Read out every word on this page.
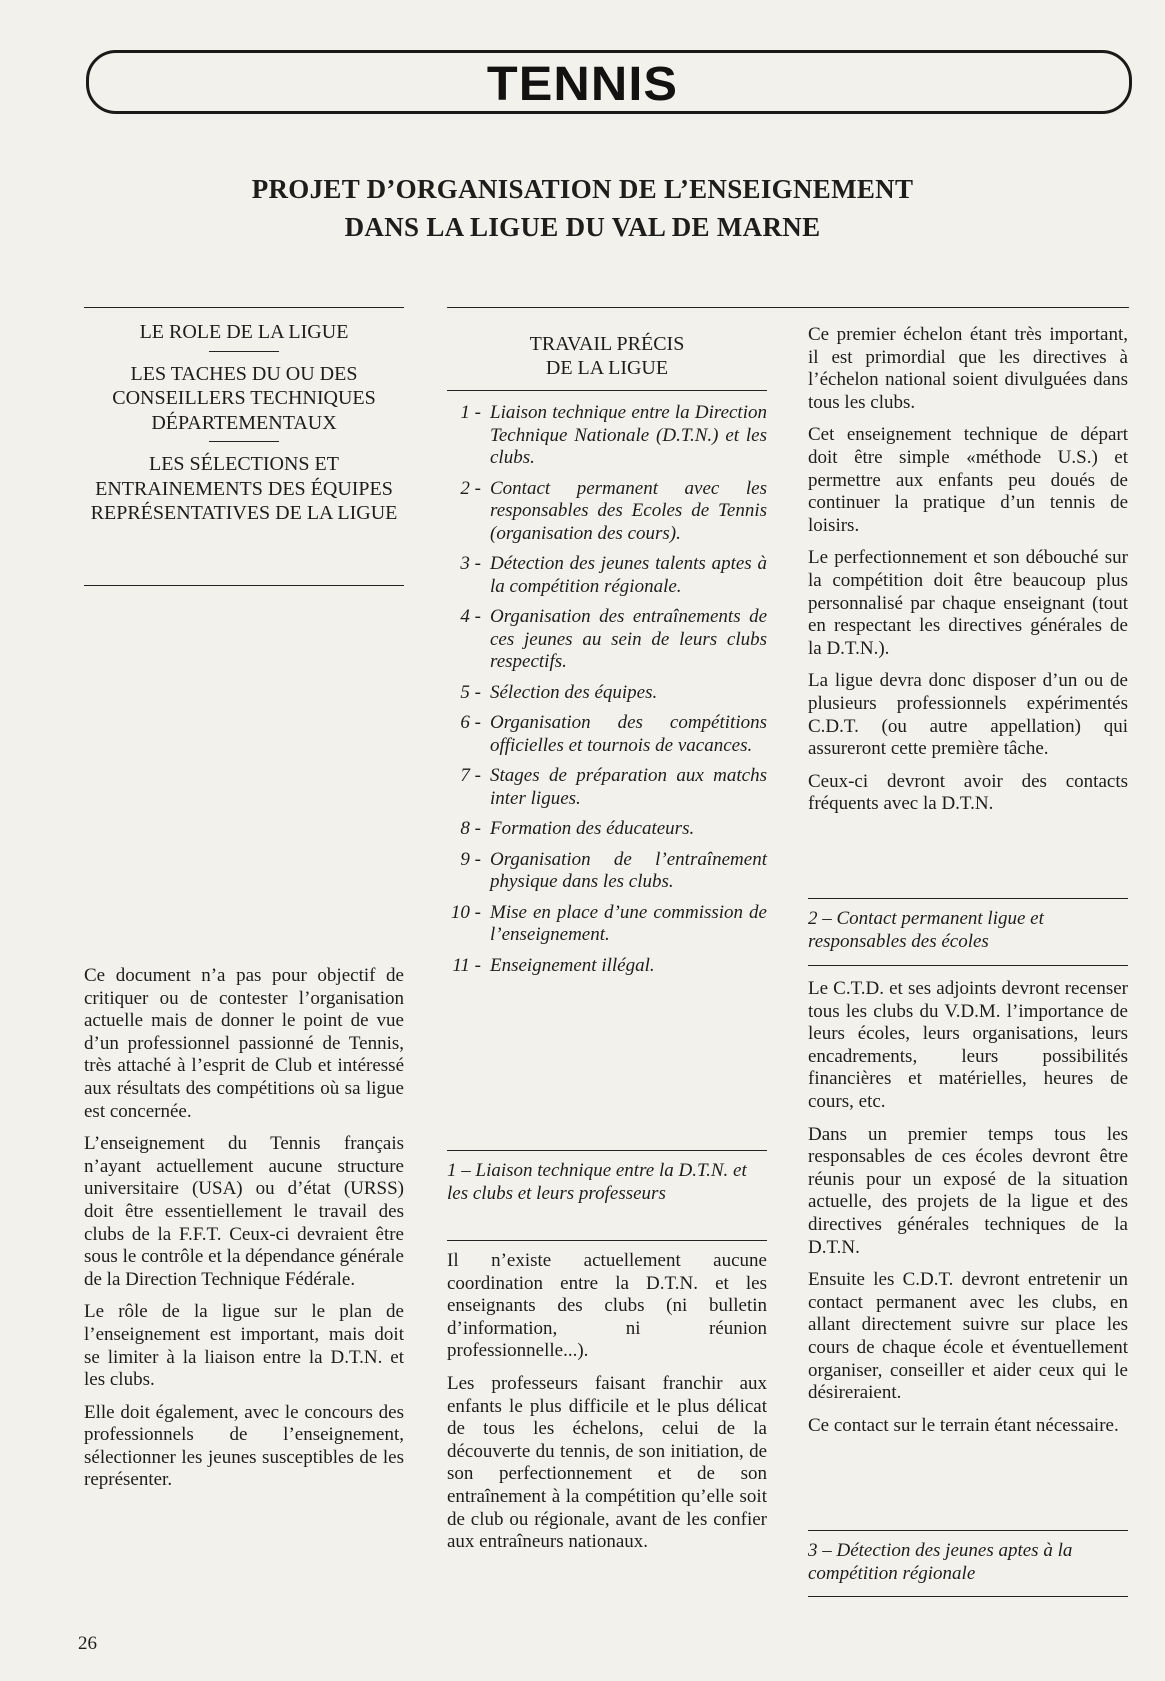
TENNIS
PROJET D’ORGANISATION DE L’ENSEIGNEMENT
DANS LA LIGUE DU VAL DE MARNE
LE ROLE DE LA LIGUE
LES TACHES DU OU DES CONSEILLERS TECHNIQUES DÉPARTEMENTAUX
LES SÉLECTIONS ET ENTRAINEMENTS DES ÉQUIPES REPRÉSENTATIVES DE LA LIGUE

Ce document n’a pas pour objectif de critiquer ou de contester l’organisation actuelle mais de donner le point de vue d’un professionnel passionné de Tennis, très attaché à l’esprit de Club et intéressé aux résultats des compétitions où sa ligue est concernée.

L’enseignement du Tennis français n’ayant actuellement aucune structure universitaire (USA) ou d’état (URSS) doit être essentiellement le travail des clubs de la F.F.T. Ceux-ci devraient être sous le contrôle et la dépendance générale de la Direction Technique Fédérale.

Le rôle de la ligue sur le plan de l’enseignement est important, mais doit se limiter à la liaison entre la D.T.N. et les clubs.

Elle doit également, avec le concours des professionnels de l’enseignement, sélectionner les jeunes susceptibles de les représenter.

TRAVAIL PRÉCIS
DE LA LIGUE
1 - Liaison technique entre la Direction Technique Nationale (D.T.N.) et les clubs.
2 - Contact permanent avec les responsables des Ecoles de Tennis (organisation des cours).
3 - Détection des jeunes talents aptes à la compétition régionale.
4 - Organisation des entraînements de ces jeunes au sein de leurs clubs respectifs.
5 - Sélection des équipes.
6 - Organisation des compétitions officielles et tournois de vacances.
7 - Stages de préparation aux matchs inter ligues.
8 - Formation des éducateurs.
9 - Organisation de l’entraînement physique dans les clubs.
10 - Mise en place d’une commission de l’enseignement.
11 - Enseignement illégal.
1 – Liaison technique entre la D.T.N. et les clubs et leurs professeurs

Il n’existe actuellement aucune coordination entre la D.T.N. et les enseignants des clubs (ni bulletin d’information, ni réunion professionnelle...).

Les professeurs faisant franchir aux enfants le plus difficile et le plus délicat de tous les échelons, celui de la découverte du tennis, de son initiation, de son perfectionnement et de son entraînement à la compétition qu’elle soit de club ou régionale, avant de les confier aux entraîneurs nationaux.

Ce premier échelon étant très important, il est primordial que les directives à l’échelon national soient divulguées dans tous les clubs.

Cet enseignement technique de départ doit être simple «méthode U.S.) et permettre aux enfants peu doués de continuer la pratique d’un tennis de loisirs.

Le perfectionnement et son débouché sur la compétition doit être beaucoup plus personnalisé par chaque enseignant (tout en respectant les directives générales de la D.T.N.).

La ligue devra donc disposer d’un ou de plusieurs professionnels expérimentés C.D.T. (ou autre appellation) qui assureront cette première tâche.

Ceux-ci devront avoir des contacts fréquents avec la D.T.N.

2 – Contact permanent ligue et responsables des écoles

Le C.T.D. et ses adjoints devront recenser tous les clubs du V.D.M. l’importance de leurs écoles, leurs organisations, leurs encadrements, leurs possibilités financières et matérielles, heures de cours, etc.

Dans un premier temps tous les responsables de ces écoles devront être réunis pour un exposé de la situation actuelle, des projets de la ligue et des directives générales techniques de la D.T.N.

Ensuite les C.D.T. devront entretenir un contact permanent avec les clubs, en allant directement suivre sur place les cours de chaque école et éventuellement organiser, conseiller et aider ceux qui le désireraient.

Ce contact sur le terrain étant nécessaire.

3 – Détection des jeunes aptes à la compétition régionale
26
